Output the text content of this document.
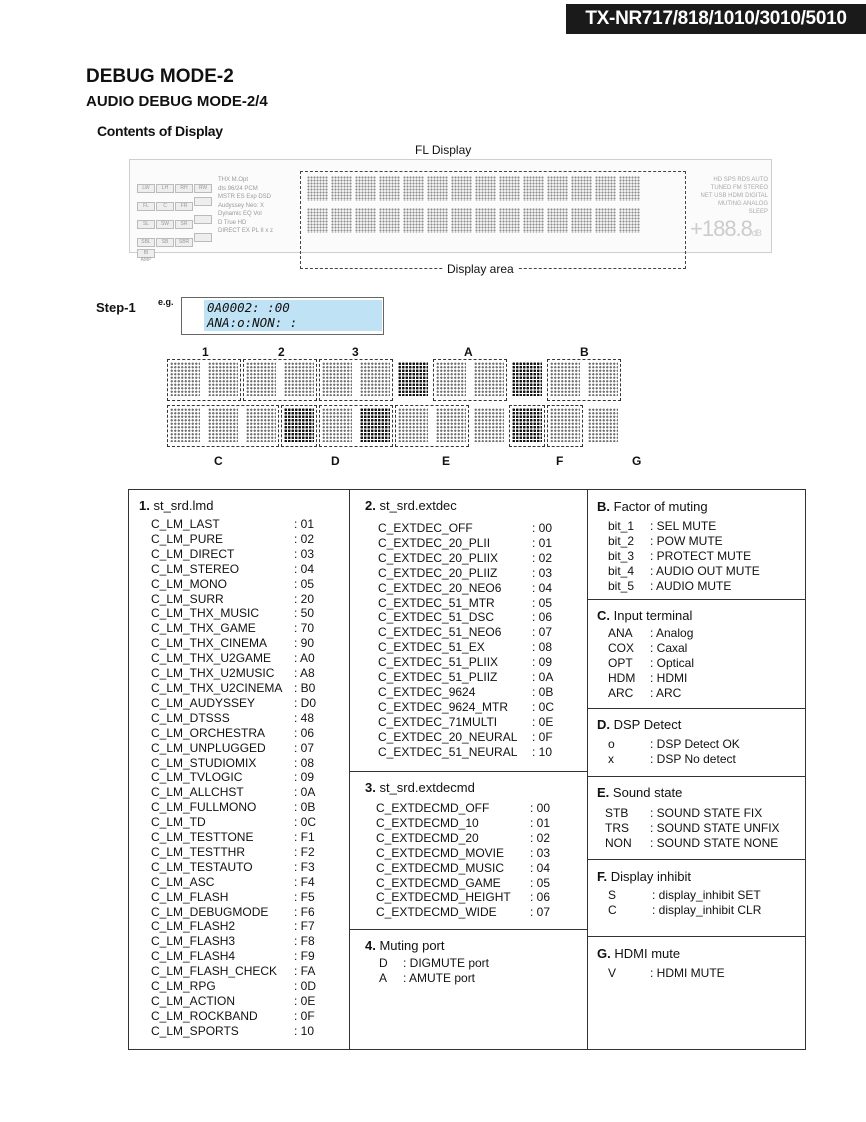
TX-NR717/818/1010/3010/5010
DEBUG MODE-2
AUDIO DEBUG MODE-2/4
Contents of Display
FL Display
LW LH RH RWFL	C	FRSL SW SRSBL SB SBRBI AMP
THX M.Opt
dts 96/24 PCM
MSTR ES Exp DSD
Audyssey Neo: X
Dynamic EQ Vol
D True HD
DIRECT EX PL II x z
HD SPS RDS AUTO
TUNED FM STEREO
NET USB HDMI DIGITAL
MUTING ANALOG
SLEEP
+188.8dB
Display area
Step-1 e.g.	0A0002: :00
ANA:o:NON: :
1	2	3	A	B
C	D	E	F	G
1. st_srd.lmd
C_LM_LAST	: 01
C_LM_PURE	: 02
C_LM_DIRECT	: 03
C_LM_STEREO	: 04
C_LM_MONO	: 05
C_LM_SURR	: 20
C_LM_THX_MUSIC	: 50
C_LM_THX_GAME	: 70
C_LM_THX_CINEMA	: 90
C_LM_THX_U2GAME	: A0
C_LM_THX_U2MUSIC	: A8
C_LM_THX_U2CINEMA : B0
C_LM_AUDYSSEY	: D0
C_LM_DTSSS	: 48
C_LM_ORCHESTRA	: 06
C_LM_UNPLUGGED	: 07
C_LM_STUDIOMIX	: 08
C_LM_TVLOGIC	: 09
C_LM_ALLCHST	: 0A
C_LM_FULLMONO	: 0B
C_LM_TD	: 0C
C_LM_TESTTONE	: F1
C_LM_TESTTHR	: F2
C_LM_TESTAUTO	: F3
C_LM_ASC	: F4
C_LM_FLASH	: F5
C_LM_DEBUGMODE	: F6
C_LM_FLASH2	: F7
C_LM_FLASH3	: F8
C_LM_FLASH4	: F9
C_LM_FLASH_CHECK	: FA
C_LM_RPG	: 0D
C_LM_ACTION	: 0E
C_LM_ROCKBAND	: 0F
C_LM_SPORTS	: 10
2. st_srd.extdec
C_EXTDEC_OFF	: 00
C_EXTDEC_20_PLII	: 01
C_EXTDEC_20_PLIIX	: 02
C_EXTDEC_20_PLIIZ	: 03
C_EXTDEC_20_NEO6	: 04
C_EXTDEC_51_MTR	: 05
C_EXTDEC_51_DSC	: 06
C_EXTDEC_51_NEO6	: 07
C_EXTDEC_51_EX	: 08
C_EXTDEC_51_PLIIX	: 09
C_EXTDEC_51_PLIIZ	: 0A
C_EXTDEC_9624	: 0B
C_EXTDEC_9624_MTR	: 0C
C_EXTDEC_71MULTI	: 0E
C_EXTDEC_20_NEURAL	: 0F
C_EXTDEC_51_NEURAL	: 10
3. st_srd.extdecmd
C_EXTDECMD_OFF	: 00
C_EXTDECMD_10	: 01
C_EXTDECMD_20	: 02
C_EXTDECMD_MOVIE	: 03
C_EXTDECMD_MUSIC	: 04
C_EXTDECMD_GAME	: 05
C_EXTDECMD_HEIGHT	: 06
C_EXTDECMD_WIDE	: 07
4. Muting port
D	: DIGMUTE port
A	: AMUTE port
B. Factor of muting
bit_1	: SEL MUTE
bit_2	: POW MUTE
bit_3	: PROTECT MUTE
bit_4	: AUDIO OUT MUTE
bit_5	: AUDIO MUTE
C. Input terminal
ANA	: Analog
COX	: Caxal
OPT	: Optical
HDM	: HDMI
ARC	: ARC
D. DSP Detect
o	: DSP Detect OK
x	: DSP No detect
E. Sound state
STB	: SOUND STATE FIX
TRS	: SOUND STATE UNFIX
NON	: SOUND STATE NONE
F. Display inhibit
S	: display_inhibit SET
C	: display_inhibit CLR
G. HDMI mute
V	: HDMI MUTE
